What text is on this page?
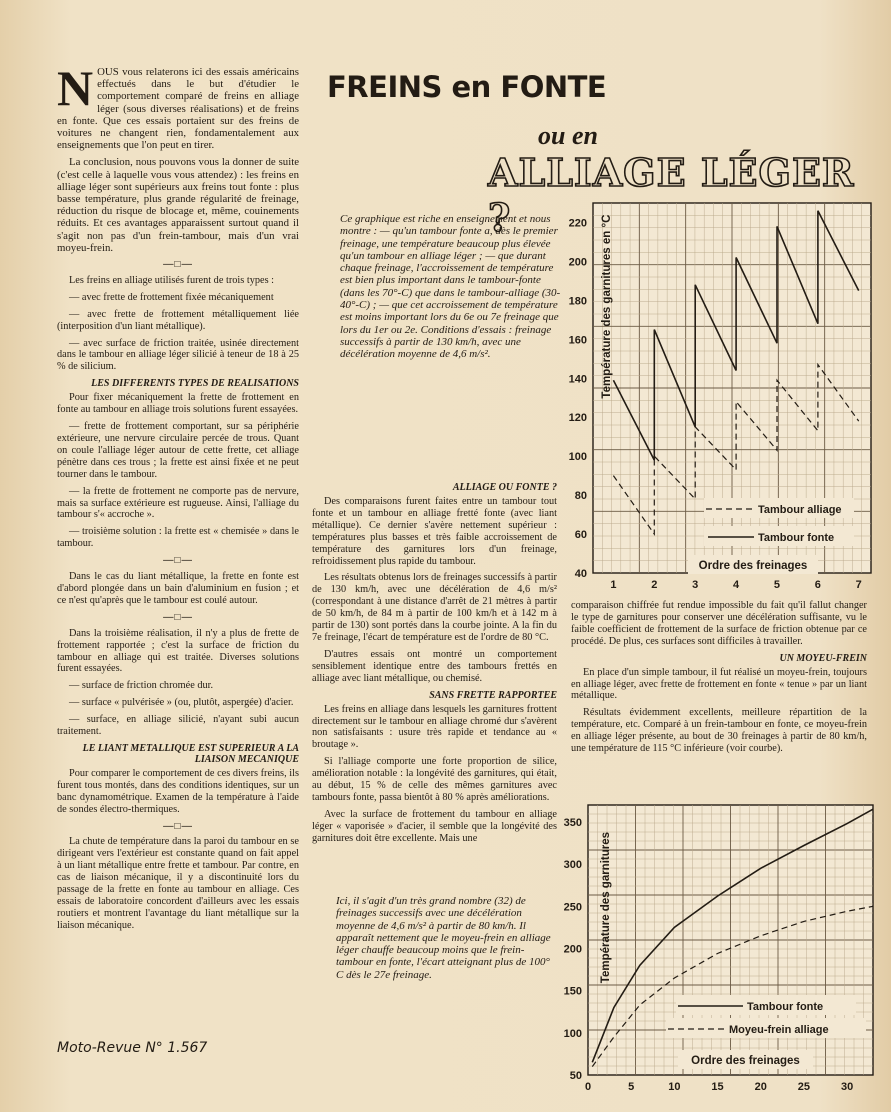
NOUS vous relaterons ici des essais américains effectués dans le but d'étudier le comportement comparé de freins en alliage léger (sous diverses réalisations) et de freins en fonte. Que ces essais portaient sur des freins de voitures ne changent rien, fondamentalement aux enseignements que l'on peut en tirer.

La conclusion, nous pouvons vous la donner de suite (c'est celle à laquelle vous vous attendez) : les freins en alliage léger sont supérieurs aux freins tout fonte : plus basse température, plus grande régularité de freinage, réduction du risque de blocage et, même, couinements réduits. Et ces avantages apparaissent surtout quand il s'agit non pas d'un frein-tambour, mais d'un vrai moyeu-frein.

—□—

Les freins en alliage utilisés furent de trois types :

— avec frette de frottement fixée mécaniquement

— avec frette de frottement métalliquement liée (interposition d'un liant métallique).

— avec surface de friction traitée, usinée directement dans le tambour en alliage léger silicié à teneur de 18 à 25 % de silicium.

LES DIFFERENTS TYPES DE REALISATIONS

Pour fixer mécaniquement la frette de frottement en fonte au tambour en alliage trois solutions furent essayées.

— frette de frottement comportant, sur sa périphérie extérieure, une nervure circulaire percée de trous. Quant on coule l'alliage léger autour de cette frette, cet alliage pénètre dans ces trous ; la frette est ainsi fixée et ne peut tourner dans le tambour.

— la frette de frottement ne comporte pas de nervure, mais sa surface extérieure est rugueuse. Ainsi, l'alliage du tambour s'« accroche ».

— troisième solution : la frette est « chemisée » dans le tambour.

—□—

Dans le cas du liant métallique, la frette en fonte est d'abord plongée dans un bain d'aluminium en fusion ; et ce n'est qu'après que le tambour est coulé autour.

—□—

Dans la troisième réalisation, il n'y a plus de frette de frottement rapportée ; c'est la surface de friction du tambour en alliage qui est traitée. Diverses solutions furent essayées.

— surface de friction chromée dur.

— surface « pulvérisée » (ou, plutôt, aspergée) d'acier.

— surface, en alliage silicié, n'ayant subi aucun traitement.

LE LIANT METALLIQUE EST SUPERIEUR A LA LIAISON MECANIQUE

Pour comparer le comportement de ces divers freins, ils furent tous montés, dans des conditions identiques, sur un banc dynamométrique. Examen de la température à l'aide de sondes électro-thermiques.

—□—

La chute de température dans la paroi du tambour en se dirigeant vers l'extérieur est constante quand on fait appel à un liant métallique entre frette et tambour. Par contre, en cas de liaison mécanique, il y a discontinuité lors du passage de la frette en fonte au tambour en alliage. Ces essais de laboratoire concordent d'ailleurs avec les essais routiers et montrent l'avantage du liant métallique sur la liaison mécanique.

FREINS en FONTE
ou en
ALLIAGE LÉGER ?
Ce graphique est riche en enseignement et nous montre : — qu'un tambour fonte a, dès le premier freinage, une température beaucoup plus élevée qu'un tambour en alliage léger ; — que durant chaque freinage, l'accroissement de température est bien plus important dans le tambour-fonte (dans les 70°-C) que dans le tambour-alliage (30-40°-C) ; — que cet accroissement de température est moins important lors du 6e ou 7e freinage que lors du 1er ou 2e. Conditions d'essais : freinage successifs à partir de 130 km/h, avec une décélération moyenne de 4,6 m/s².
ALLIAGE OU FONTE ?

Des comparaisons furent faites entre un tambour tout fonte et un tambour en alliage fretté fonte (avec liant métallique). Ce dernier s'avère nettement supérieur : températures plus basses et très faible accroissement de température des garnitures lors d'un freinage, refroidissement plus rapide du tambour.

Les résultats obtenus lors de freinages successifs à partir de 130 km/h, avec une décélération de 4,6 m/s² (correspondant à une distance d'arrêt de 21 mètres à partir de 50 km/h, de 84 m à partir de 100 km/h et à 142 m à partir de 130) sont portés dans la courbe jointe. A la fin du 7e freinage, l'écart de température est de l'ordre de 80 °C.

D'autres essais ont montré un comportement sensiblement identique entre des tambours frettés en alliage avec liant métallique, ou chemisé.

SANS FRETTE RAPPORTEE

Les freins en alliage dans lesquels les garnitures frottent directement sur le tambour en alliage chromé dur s'avèrent non satisfaisants : usure très rapide et tendance au « broutage ».

Si l'alliage comporte une forte proportion de silice, amélioration notable : la longévité des garnitures, qui était, au début, 15 % de celle des mêmes garnitures avec tambours fonte, passa bientôt à 80 % après améliorations.

Avec la surface de frottement du tambour en alliage léger « vaporisée » d'acier, il semble que la longévité des garnitures doit être excellente. Mais une

Ici, il s'agit d'un très grand nombre (32) de freinages successifs avec une décélération moyenne de 4,6 m/s² à partir de 80 km/h. Il apparaît nettement que le moyeu-frein en alliage léger chauffe beaucoup moins que le frein-tambour en fonte, l'écart atteignant plus de 100° C dès le 27e freinage.

comparaison chiffrée fut rendue impossible du fait qu'il fallut changer le type de garnitures pour conserver une décélération suffisante, vu le faible coefficient de frottement de la surface de friction obtenue par ce procédé. De plus, ces surfaces sont difficiles à travailler.

UN MOYEU-FREIN

En place d'un simple tambour, il fut réalisé un moyeu-frein, toujours en alliage léger, avec frette de frottement en fonte « tenue » par un liant métallique.

Résultats évidemment excellents, meilleure répartition de la température, etc. Comparé à un frein-tambour en fonte, ce moyeu-frein en alliage léger présente, au bout de 30 freinages à partir de 80 km/h, une température de 115 °C inférieure (voir courbe).

40
60
80
100
120
140
160
180
200
220
1	2	3	4	5	6	7
Température des garnitures en °C
Tambour alliage
Tambour fonte
Ordre des freinages
50
100
150
200
250
300
350
0	5	10	15	20	25	30
Température des garnitures
Tambour fonte
Moyeu-frein alliage
Ordre des freinages
Moto-Revue N° 1.567
